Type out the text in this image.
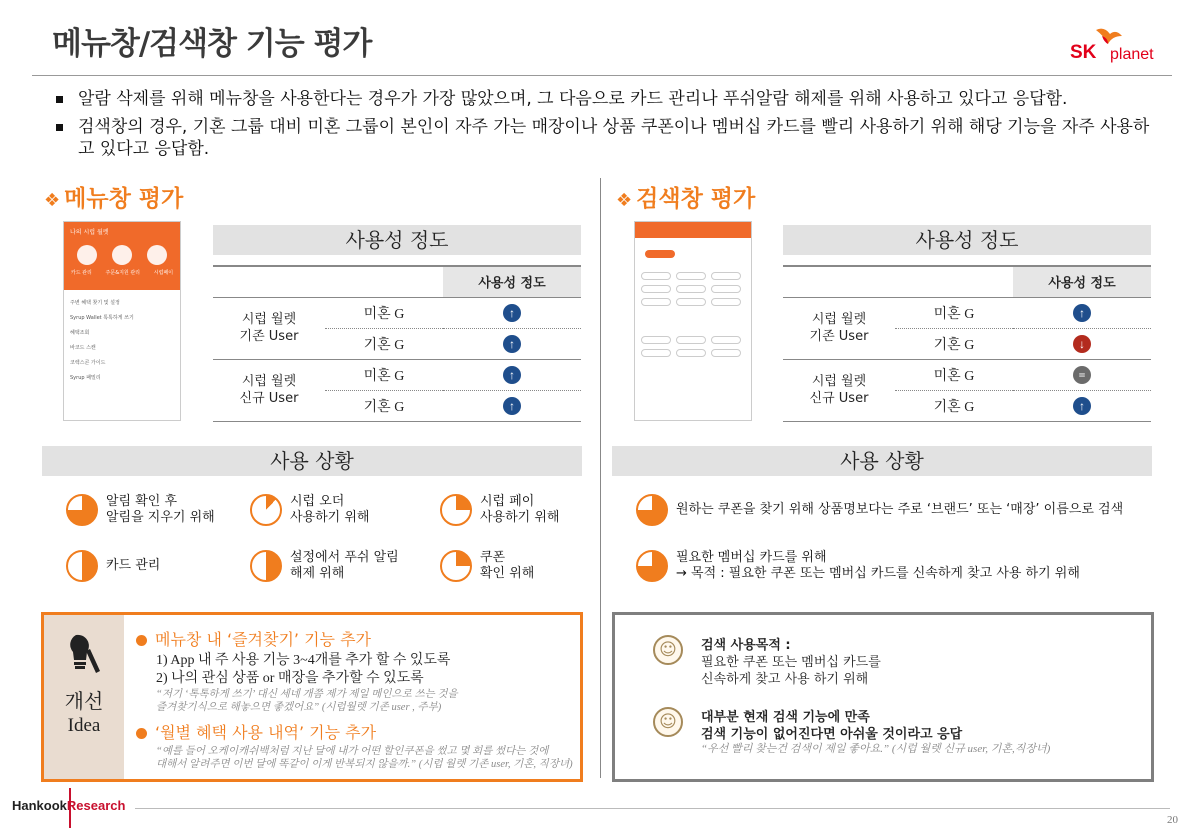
메뉴창/검색창 기능 평가	SK planet
알람 삭제를 위해 메뉴창을 사용한다는 경우가 가장 많았으며, 그 다음으로 카드 관리나 푸쉬알람 해제를 위해 사용하고 있다고 응답함.
검색창의 경우, 기혼 그룹 대비 미혼 그룹이 본인이 자주 가는 매장이나 상품 쿠폰이나 멤버십 카드를 빨리 사용하기 위해 해당 기능을 자주 사용하고 있다고 응답함.
❖ 메뉴창 평가	❖ 검색창 평가
나의 시럽 월렛
카드 관리	주문&지원 관리	시럽페이
주변 혜택 찾기 및 설정
Syrup Wallet 톡톡하게 쓰기
혜택조회
바코드 스캔
코렉스콘 가이드
Syrup 패밀리
사용성 정도
		사용성 정도
시럽 월렛
기존 User	미혼 G	↑
	기혼 G	↑
시럽 월렛
신규 User	미혼 G	↑
	기혼 G	↑
사용 상황
알림 확인 후
알림을 지우기 위해
시럽 오더
사용하기 위해
시럽 페이
사용하기 위해
카드 관리
설정에서 푸쉬 알림
해제 위해
쿠폰
확인 위해
개선
Idea
메뉴창 내 ‘즐겨찾기’ 기능 추가
1) App 내 주 사용 기능 3~4개를 추가 할 수 있도록
2) 나의 관심 상품 or 매장을 추가할 수 있도록
“저기 ‘톡톡하게 쓰기’ 대신 세네 개쯤 제가 제일 메인으로 쓰는 것을
즐겨찾기식으로 해놓으면 좋겠어요” (시럽월렛 기존 user , 주부)
‘월별 혜택 사용 내역’ 기능 추가
“예를 들어 오케이캐쉬백처럼 지난 달에 내가 어떤 할인쿠폰을 썼고 몇 회를 썼다는 것에
대해서 알려주면 이번 달에 똑같이 이게 반복되지 않을까.” (시럽 월렛 기존 user, 기혼, 직장녀)
사용성 정도
		사용성 정도
시럽 월렛
기존 User	미혼 G	↑
	기혼 G	↓
시럽 월렛
신규 User	미혼 G	=
	기혼 G	↑
사용 상황
원하는 쿠폰을 찾기 위해 상품명보다는 주로 ‘브랜드’ 또는 ‘매장’ 이름으로 검색
필요한 멤버십 카드를 위해
→ 목적 : 필요한 쿠폰 또는 멤버십 카드를 신속하게 찾고 사용 하기 위해
☺	검색 사용목적 :
필요한 쿠폰 또는 멤버십 카드를
신속하게 찾고 사용 하기 위해
☺	대부분 현재 검색 기능에 만족
검색 기능이 없어진다면 아쉬울 것이라고 응답
“우선 빨리 찾는건 검색이 제일 좋아요.” (시럽 월렛 신규 user, 기혼,직장녀)
HankookResearch
20
